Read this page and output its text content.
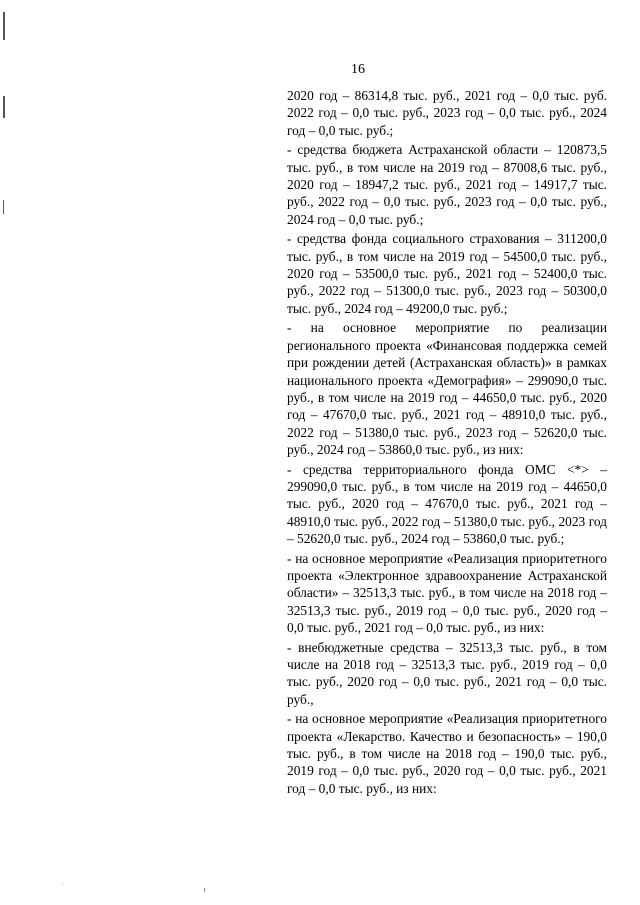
16

2020 год – 86314,8 тыс. руб., 2021 год – 0,0 тыс. руб. 2022 год – 0,0 тыс. руб., 2023 год – 0,0 тыс. руб., 2024 год – 0,0 тыс. руб.;

- средства бюджета Астраханской области – 120873,5 тыс. руб., в том числе на 2019 год – 87008,6 тыс. руб., 2020 год – 18947,2 тыс. руб., 2021 год – 14917,7 тыс. руб., 2022 год – 0,0 тыс. руб., 2023 год – 0,0 тыс. руб., 2024 год – 0,0 тыс. руб.;

- средства фонда социального страхования – 311200,0 тыс. руб., в том числе на 2019 год – 54500,0 тыс. руб., 2020 год – 53500,0 тыс. руб., 2021 год – 52400,0 тыс. руб., 2022 год – 51300,0 тыс. руб., 2023 год – 50300,0 тыс. руб., 2024 год – 49200,0 тыс. руб.;

- на основное мероприятие по реализации регионального проекта «Финансовая поддержка семей при рождении детей (Астраханская область)» в рамках национального проекта «Демография» – 299090,0 тыс. руб., в том числе на 2019 год – 44650,0 тыс. руб., 2020 год – 47670,0 тыс. руб., 2021 год – 48910,0 тыс. руб., 2022 год – 51380,0 тыс. руб., 2023 год – 52620,0 тыс. руб., 2024 год – 53860,0 тыс. руб., из них:

- средства территориального фонда ОМС <*> – 299090,0 тыс. руб., в том числе на 2019 год – 44650,0 тыс. руб., 2020 год – 47670,0 тыс. руб., 2021 год – 48910,0 тыс. руб., 2022 год – 51380,0 тыс. руб., 2023 год – 52620,0 тыс. руб., 2024 год – 53860,0 тыс. руб.;

- на основное мероприятие «Реализация приоритетного проекта «Электронное здравоохранение Астраханской области» – 32513,3 тыс. руб., в том числе на 2018 год – 32513,3 тыс. руб., 2019 год – 0,0 тыс. руб., 2020 год – 0,0 тыс. руб., 2021 год – 0,0 тыс. руб., из них:

- внебюджетные средства – 32513,3 тыс. руб., в том числе на 2018 год – 32513,3 тыс. руб., 2019 год – 0,0 тыс. руб., 2020 год – 0,0 тыс. руб., 2021 год – 0,0 тыс. руб.,

- на основное мероприятие «Реализация приоритетного проекта «Лекарство. Качество и безопасность» – 190,0 тыс. руб., в том числе на 2018 год – 190,0 тыс. руб., 2019 год – 0,0 тыс. руб., 2020 год – 0,0 тыс. руб., 2021 год – 0,0 тыс. руб., из них:
